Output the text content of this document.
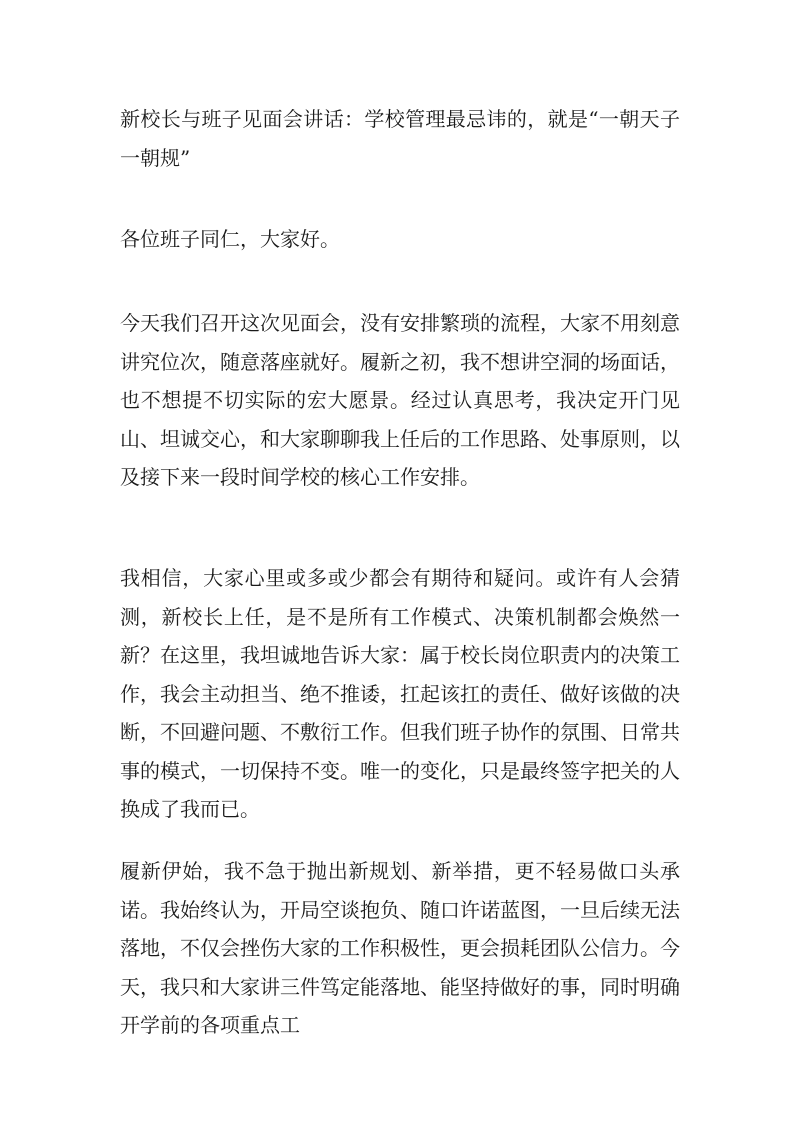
新校长与班子见面会讲话：学校管理最忌讳的，就是“一朝天子一朝规”

各位班子同仁，大家好。

今天我们召开这次见面会，没有安排繁琐的流程，大家不用刻意讲究位次，随意落座就好。履新之初，我不想讲空洞的场面话，也不想提不切实际的宏大愿景。经过认真思考，我决定开门见山、坦诚交心，和大家聊聊我上任后的工作思路、处事原则，以及接下来一段时间学校的核心工作安排。

我相信，大家心里或多或少都会有期待和疑问。或许有人会猜测，新校长上任，是不是所有工作模式、决策机制都会焕然一新？在这里，我坦诚地告诉大家：属于校长岗位职责内的决策工作，我会主动担当、绝不推诿，扛起该扛的责任、做好该做的决断，不回避问题、不敷衍工作。但我们班子协作的氛围、日常共事的模式，一切保持不变。唯一的变化，只是最终签字把关的人换成了我而已。

履新伊始，我不急于抛出新规划、新举措，更不轻易做口头承诺。我始终认为，开局空谈抱负、随口许诺蓝图，一旦后续无法落地，不仅会挫伤大家的工作积极性，更会损耗团队公信力。今天，我只和大家讲三件笃定能落地、能坚持做好的事，同时明确开学前的各项重点工
